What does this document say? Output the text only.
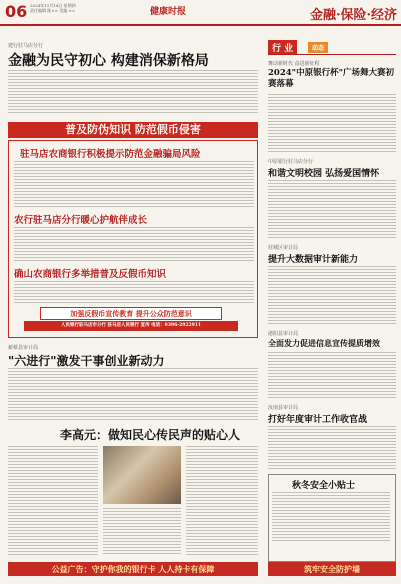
06 2024年11月14日 星期四
责任编辑 陈×× 美编 ××	健康时报	金融·保险·经济
建行驻马店分行
金融为民守初心 构建消保新格局
普及防伪知识 防范假币侵害
驻马店农商银行积极提示防范金融骗局风险
农行驻马店分行暖心护航伴成长
确山农商银行多举措普及反假币知识
加强反假币宣传教育 提升公众防范意识
人民银行驻马店市分行 驻马店人民银行 宣传 电话：0396-2922911
新蔡县审计局
"六进行"激发干事创业新动力
李高元：做知民心传民声的贴心人
公益广告：守护你我的银行卡 人人持卡有保障
行 业	动态
舞动新时代 奋进新征程
2024"中原银行杯"广场舞大赛初赛落幕
中原银行驻马店分行
和谐文明校园 弘扬爱国情怀
驻城区审计局
提升大数据审计新能力
泌阳县审计局
全面发力促进信息宣传提质增效
汝南县审计局
打好年度审计工作收官战
秋冬安全小贴士
筑牢安全防护墙
